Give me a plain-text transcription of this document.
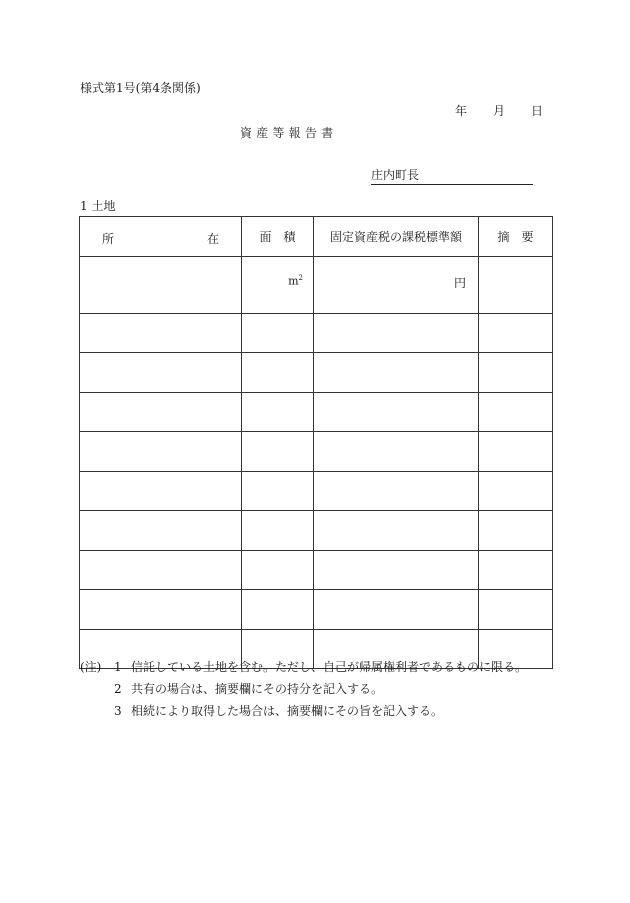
様式第1号(第4条関係)
年 月 日
資 産 等 報 告 書
庄内町長
1 土地
所 在	面　積	固定資産税の課税標準額	摘　要
	$m^2$	円	

(注) 1 信託している土地を含む。ただし、自己が帰属権利者であるものに限る。
2 共有の場合は、摘要欄にその持分を記入する。
3 相続により取得した場合は、摘要欄にその旨を記入する。
